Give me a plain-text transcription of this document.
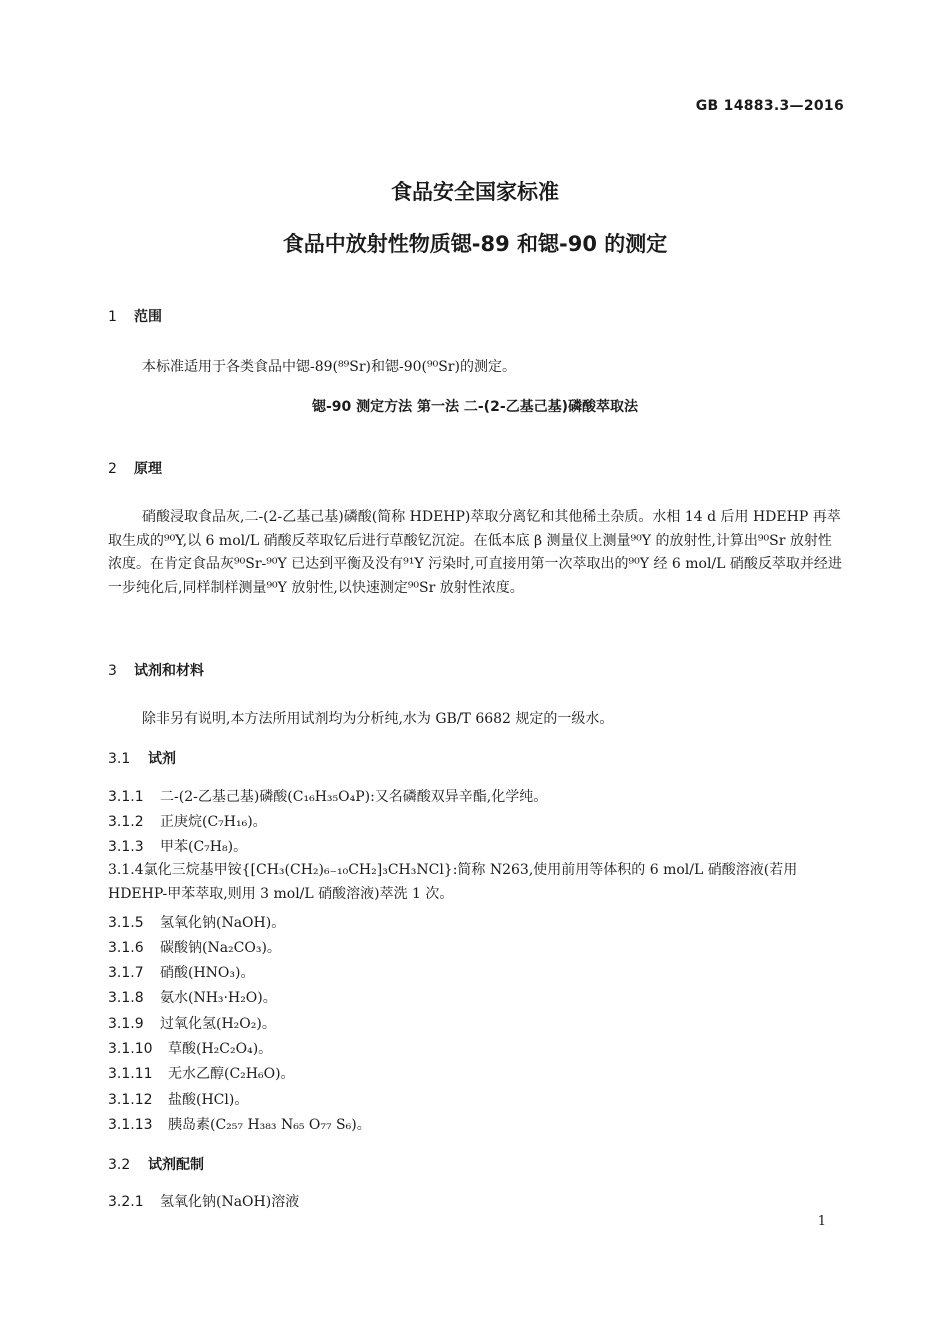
GB 14883.3—2016
食品安全国家标准
食品中放射性物质锶-89 和锶-90 的测定
1 范围
本标准适用于各类食品中锶-89(⁸⁹Sr)和锶-90(⁹⁰Sr)的测定。
锶-90 测定方法 第一法 二-(2-乙基己基)磷酸萃取法
2 原理
硝酸浸取食品灰,二-(2-乙基己基)磷酸(简称 HDEHP)萃取分离钇和其他稀土杂质。水相 14 d 后用 HDEHP 再萃取生成的⁹⁰Y,以 6 mol/L 硝酸反萃取钇后进行草酸钇沉淀。在低本底 β 测量仪上测量⁹⁰Y 的放射性,计算出⁹⁰Sr 放射性浓度。在肯定食品灰⁹⁰Sr-⁹⁰Y 已达到平衡及没有⁹¹Y 污染时,可直接用第一次萃取出的⁹⁰Y 经 6 mol/L 硝酸反萃取并经进一步纯化后,同样制样测量⁹⁰Y 放射性,以快速测定⁹⁰Sr 放射性浓度。
3 试剂和材料
除非另有说明,本方法所用试剂均为分析纯,水为 GB/T 6682 规定的一级水。
3.1 试剂
3.1.1 二-(2-乙基己基)磷酸(C₁₆H₃₅O₄P):又名磷酸双异辛酯,化学纯。
3.1.2 正庚烷(C₇H₁₆)。
3.1.3 甲苯(C₇H₈)。
3.1.4氯化三烷基甲铵{[CH₃(CH₂)₆₋₁₀CH₂]₃CH₃NCl}:简称 N263,使用前用等体积的 6 mol/L 硝酸溶液(若用 HDEHP-甲苯萃取,则用 3 mol/L 硝酸溶液)萃洗 1 次。
3.1.5 氢氧化钠(NaOH)。
3.1.6 碳酸钠(Na₂CO₃)。
3.1.7 硝酸(HNO₃)。
3.1.8 氨水(NH₃·H₂O)。
3.1.9 过氧化氢(H₂O₂)。
3.1.10 草酸(H₂C₂O₄)。
3.1.11 无水乙醇(C₂H₆O)。
3.1.12 盐酸(HCl)。
3.1.13 胰岛素(C₂₅₇ H₃₈₃ N₆₅ O₇₇ S₆)。
3.2 试剂配制
3.2.1 氢氧化钠(NaOH)溶液
1
